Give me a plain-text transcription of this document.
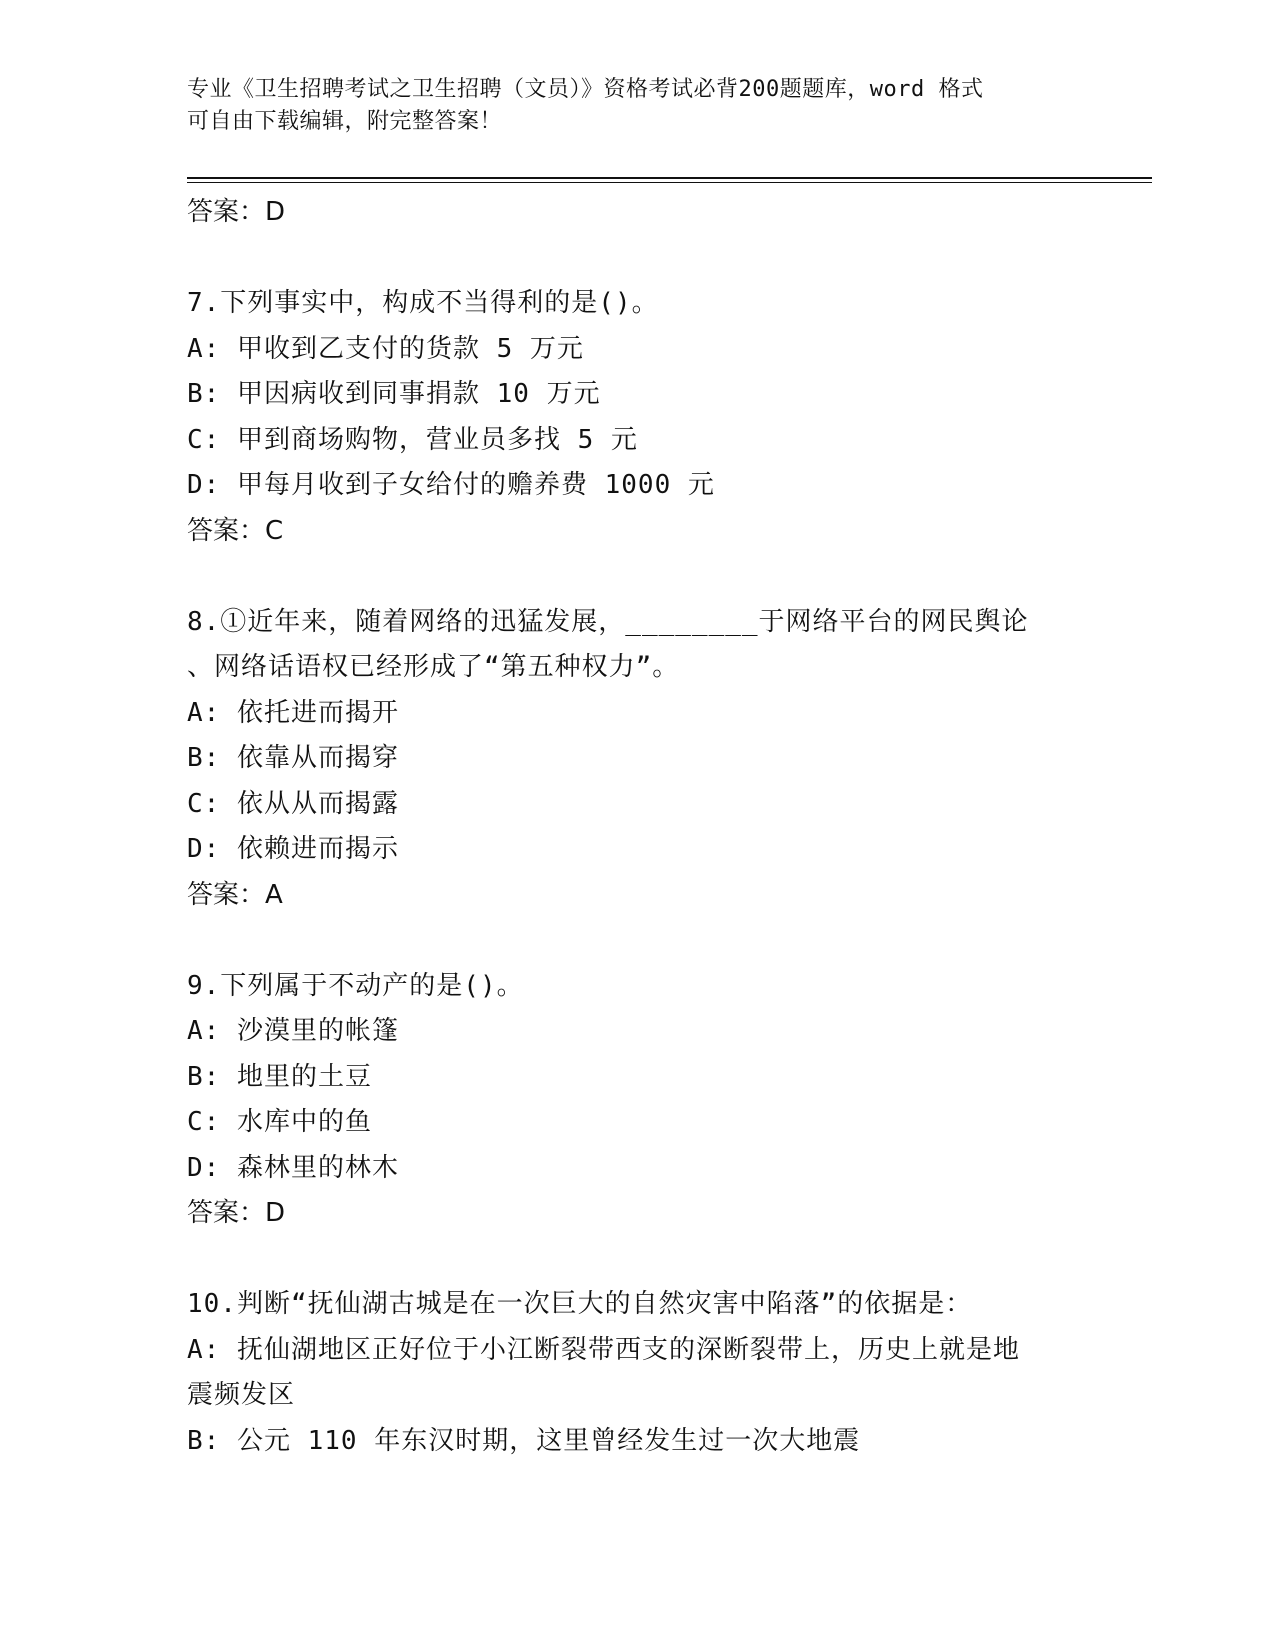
专业《卫生招聘考试之卫生招聘（文员）》资格考试必背200题题库，word 格式
可自由下载编辑，附完整答案！
答案：D
7.下列事实中，构成不当得利的是()。
A: 甲收到乙支付的货款 5 万元
B: 甲因病收到同事捐款 10 万元
C: 甲到商场购物，营业员多找 5 元
D: 甲每月收到子女给付的赡养费 1000 元
答案：C
8.①近年来，随着网络的迅猛发展，________于网络平台的网民舆论
、网络话语权已经形成了“第五种权力”。
A: 依托进而揭开
B: 依靠从而揭穿
C: 依从从而揭露
D: 依赖进而揭示
答案：A
9.下列属于不动产的是()。
A: 沙漠里的帐篷
B: 地里的土豆
C: 水库中的鱼
D: 森林里的林木
答案：D
10.判断“抚仙湖古城是在一次巨大的自然灾害中陷落”的依据是：
A: 抚仙湖地区正好位于小江断裂带西支的深断裂带上，历史上就是地
震频发区
B: 公元 110 年东汉时期，这里曾经发生过一次大地震
